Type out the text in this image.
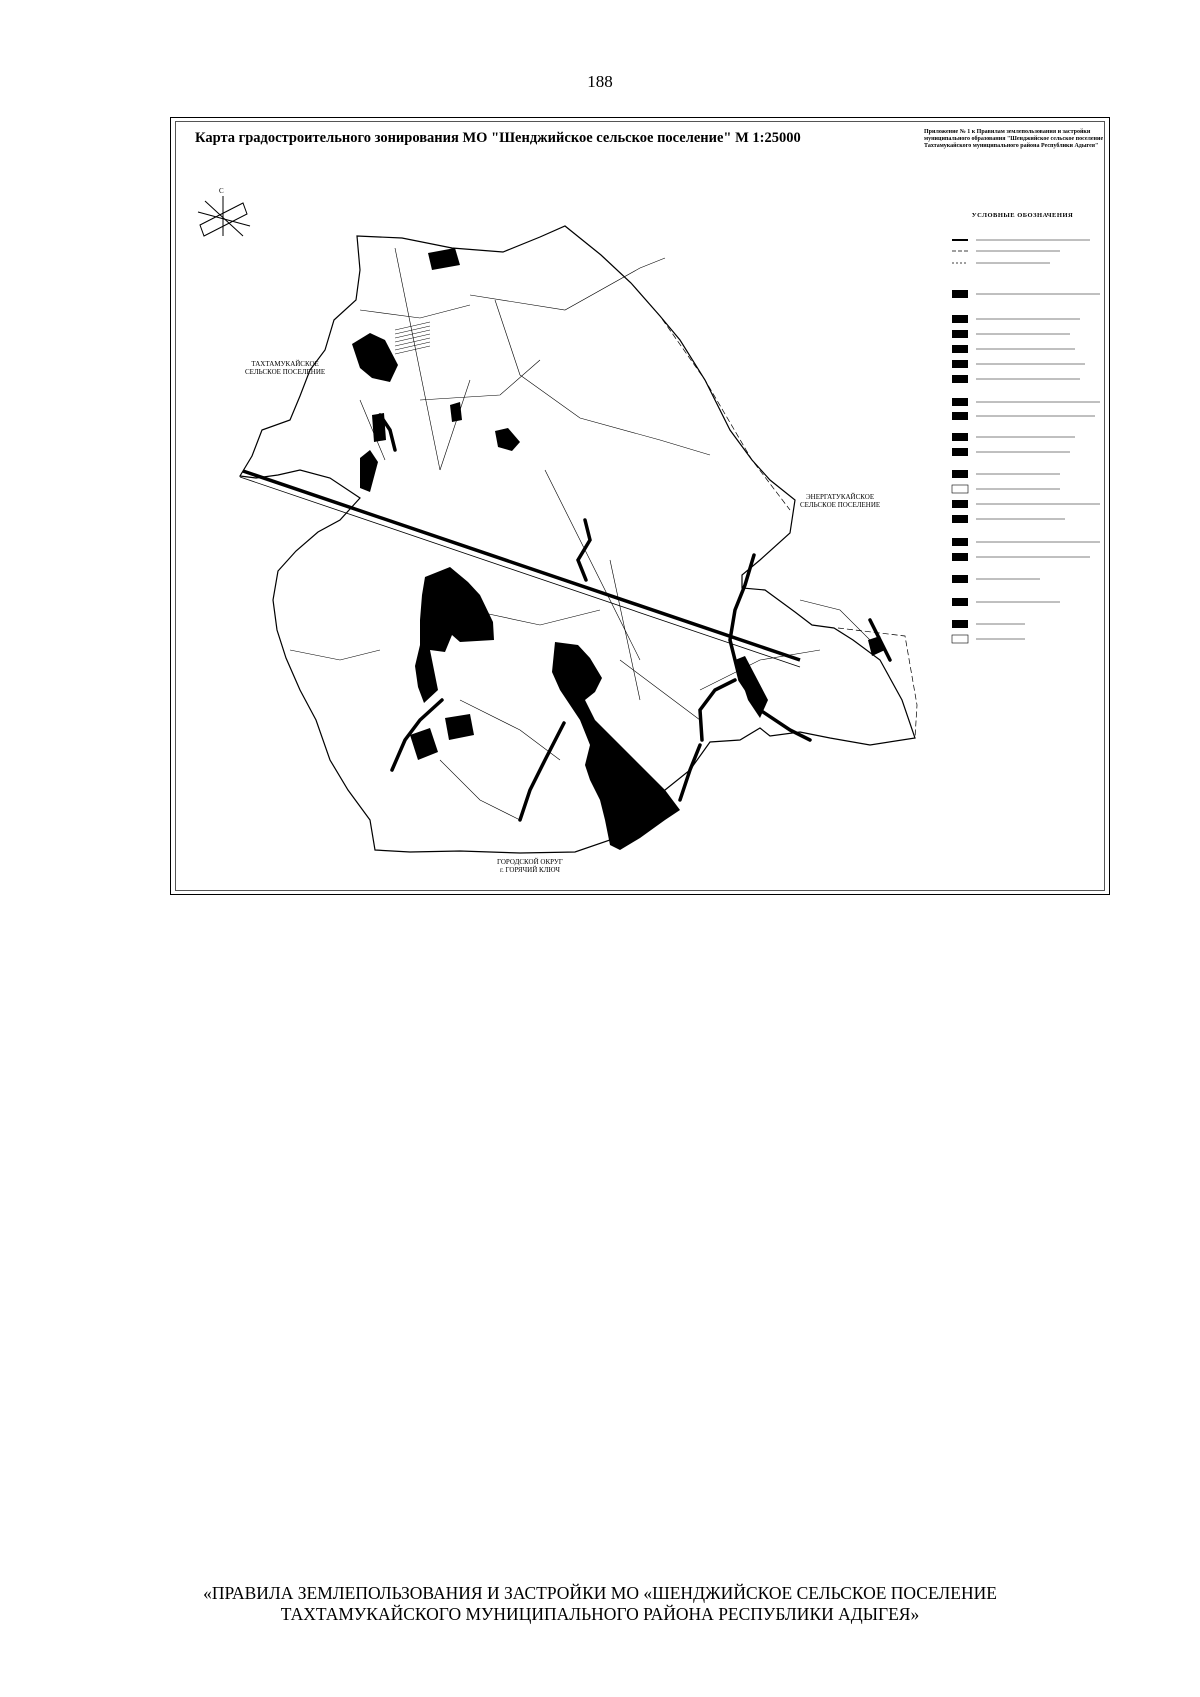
188
Карта градостроительного зонирования МО "Шенджийское сельское поселение" М 1:25000	Приложение № 1 к Правилам землепользования и застройки муниципального образования "Шенджийское сельское поселение Тахтамукайского муниципального района Республики Адыгея"
С
ТАХТАМУКАЙСКОЕ
СЕЛЬСКОЕ ПОСЕЛЕНИЕ
ЭНЕРГАТУКАЙСКОЕ
СЕЛЬСКОЕ ПОСЕЛЕНИЕ
ГОРОДСКОЙ ОКРУГ
г. ГОРЯЧИЙ КЛЮЧ
УСЛОВНЫЕ ОБОЗНАЧЕНИЯ
«ПРАВИЛА ЗЕМЛЕПОЛЬЗОВАНИЯ И ЗАСТРОЙКИ МО «ШЕНДЖИЙСКОЕ СЕЛЬСКОЕ ПОСЕЛЕНИЕ
ТАХТАМУКАЙСКОГО МУНИЦИПАЛЬНОГО РАЙОНА РЕСПУБЛИКИ АДЫГЕЯ»
